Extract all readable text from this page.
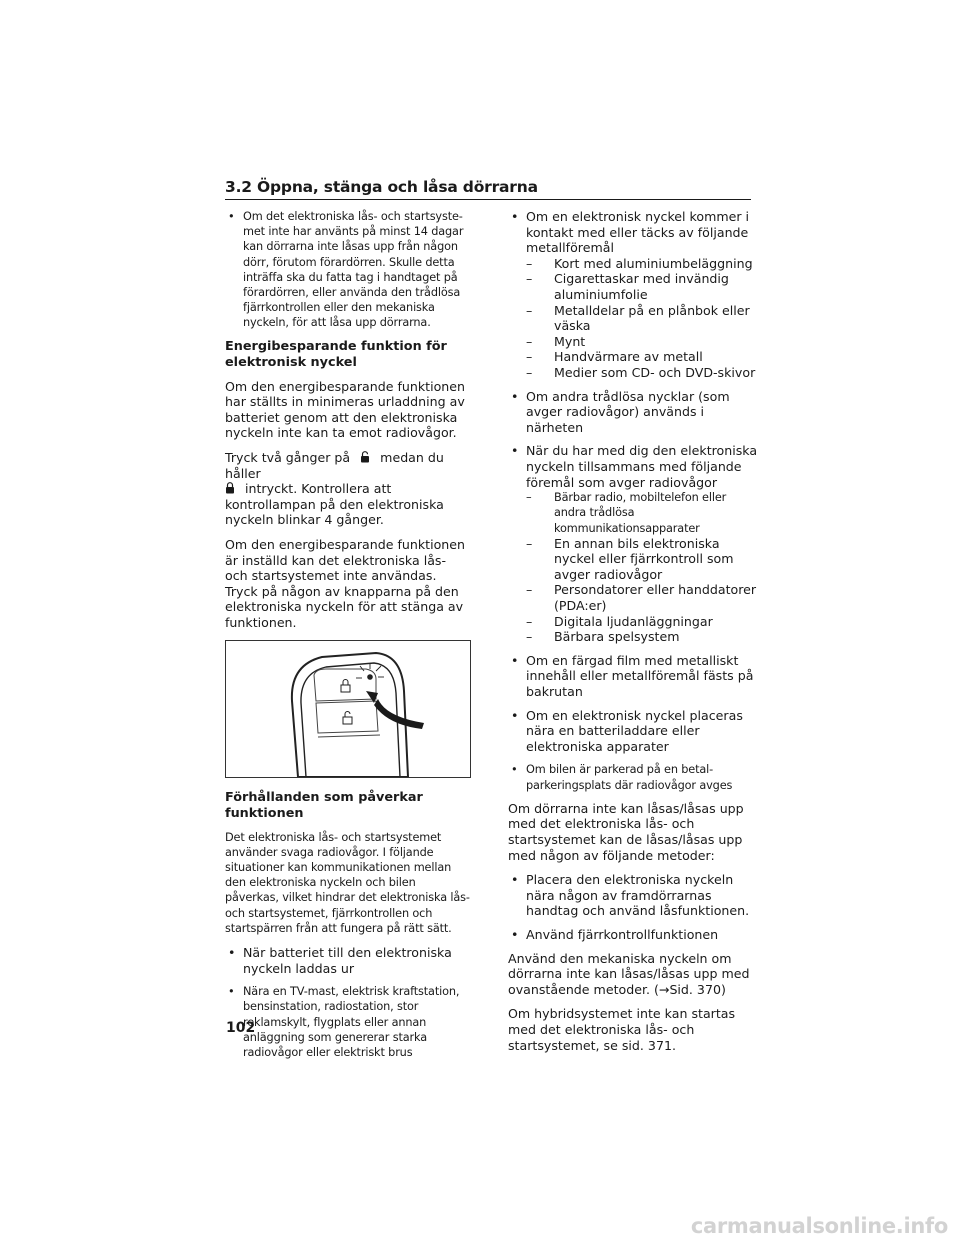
3.2 Öppna, stänga och låsa dörrarna
• Om det elektroniska lås- och startsyste- met inte har använts på minst 14 dagar kan dörrarna inte låsas upp från någon dörr, förutom förardörren. Skulle detta inträffa ska du fatta tag i handtaget på förardörren, eller använda den trådlösa fjärrkontrollen eller den mekaniska nyckeln, för att låsa upp dörrarna.
Energibesparande funktion för elektronisk nyckel

Om den energibesparande funktionen har ställts in minimeras urladdning av batteriet genom att den elektroniska nyckeln inte kan ta emot radiovågor.

Tryck två gånger på medan du håller
intryckt. Kontrollera att kontrollampan på den elektroniska nyckeln blinkar 4 gånger.

Om den energibesparande funktionen är inställd kan det elektroniska lås- och startsystemet inte användas. Tryck på någon av knapparna på den elektroniska nyckeln för att stänga av funktionen.

Förhållanden som påverkar funktionen

Det elektroniska lås- och startsystemet använder svaga radiovågor. I följande situationer kan kommunikationen mellan den elektroniska nyckeln och bilen påverkas, vilket hindrar det elektroniska lås- och startsystemet, fjärrkontrollen och startspärren från att fungera på rätt sätt.

• När batteriet till den elektroniska nyckeln laddas ur
• Nära en TV-mast, elektrisk kraftstation, bensinstation, radiostation, stor reklamskylt, flygplats eller annan anläggning som genererar starka radiovågor eller elektriskt brus
• Om en elektronisk nyckel kommer i kontakt med eller täcks av följande metallföremål
– Kort med aluminiumbeläggning
– Cigarettaskar med invändig aluminiumfolie
– Metalldelar på en plånbok eller väska
– Mynt
– Handvärmare av metall
– Medier som CD- och DVD-skivor
• Om andra trådlösa nycklar (som avger radiovågor) används i närheten
• När du har med dig den elektroniska nyckeln tillsammans med följande föremål som avger radiovågor
– Bärbar radio, mobiltelefon eller andra trådlösa kommunikationsapparater
– En annan bils elektroniska nyckel eller fjärrkontroll som avger radiovågor
– Persondatorer eller handdatorer (PDA:er)
– Digitala ljudanläggningar
– Bärbara spelsystem
• Om en färgad film med metalliskt innehåll eller metallföremål fästs på bakrutan
• Om en elektronisk nyckel placeras nära en batteriladdare eller elektroniska apparater
• Om bilen är parkerad på en betal- parkeringsplats där radiovågor avges

Om dörrarna inte kan låsas/låsas upp med det elektroniska lås- och startsystemet kan de låsas/låsas upp med någon av följande metoder:

• Placera den elektroniska nyckeln nära någon av framdörrarnas handtag och använd låsfunktionen.
• Använd fjärrkontrollfunktionen

Använd den mekaniska nyckeln om dörrarna inte kan låsas/låsas upp med ovanstående metoder. (→Sid. 370)

Om hybridsystemet inte kan startas med det elektroniska lås- och startsystemet, se sid. 371.

102
carmanualsonline.info
